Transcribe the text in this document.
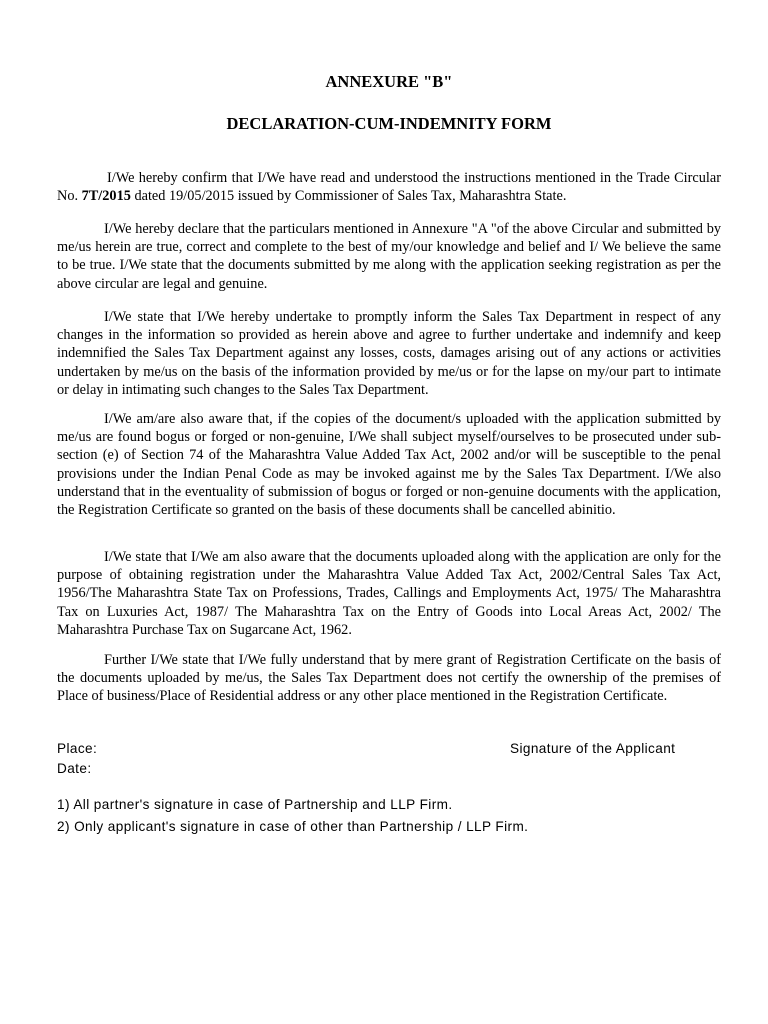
ANNEXURE "B"
DECLARATION-CUM-INDEMNITY FORM

I/We hereby confirm that I/We have read and understood the instructions mentioned in the Trade Circular No. 7T/2015 dated 19/05/2015 issued by Commissioner of Sales Tax, Maharashtra State.

I/We hereby declare that the particulars mentioned in Annexure "A "of the above Circular and submitted by me/us herein are true, correct and complete to the best of my/our knowledge and belief and I/ We believe the same to be true. I/We state that the documents submitted by me along with the application seeking registration as per the above circular are legal and genuine.

I/We state that I/We hereby undertake to promptly inform the Sales Tax Department in respect of any changes in the information so provided as herein above and agree to further undertake and indemnify and keep indemnified the Sales Tax Department against any losses, costs, damages arising out of any actions or activities undertaken by me/us on the basis of the information provided by me/us or for the lapse on my/our part to intimate or delay in intimating such changes to the Sales Tax Department.

I/We am/are also aware that, if the copies of the document/s uploaded with the application submitted by me/us are found bogus or forged or non-genuine, I/We shall subject myself/ourselves to be prosecuted under sub-section (e) of Section 74 of the Maharashtra Value Added Tax Act, 2002 and/or will be susceptible to the penal provisions under the Indian Penal Code as may be invoked against me by the Sales Tax Department. I/We also understand that in the eventuality of submission of bogus or forged or non-genuine documents with the application, the Registration Certificate so granted on the basis of these documents shall be cancelled abinitio.

I/We state that I/We am also aware that the documents uploaded along with the application are only for the purpose of obtaining registration under the Maharashtra Value Added Tax Act, 2002/Central Sales Tax Act, 1956/The Maharashtra State Tax on Professions, Trades, Callings and Employments Act, 1975/ The Maharashtra Tax on Luxuries Act, 1987/ The Maharashtra Tax on the Entry of Goods into Local Areas Act, 2002/ The Maharashtra Purchase Tax on Sugarcane Act, 1962.

Further I/We state that I/We fully understand that by mere grant of Registration Certificate on the basis of the documents uploaded by me/us, the Sales Tax Department does not certify the ownership of the premises of Place of business/Place of Residential address or any other place mentioned in the Registration Certificate.

Place:
Date:
Signature of the Applicant
1) All partner's signature in case of Partnership and LLP Firm.
2) Only applicant's signature in case of other than Partnership / LLP Firm.
